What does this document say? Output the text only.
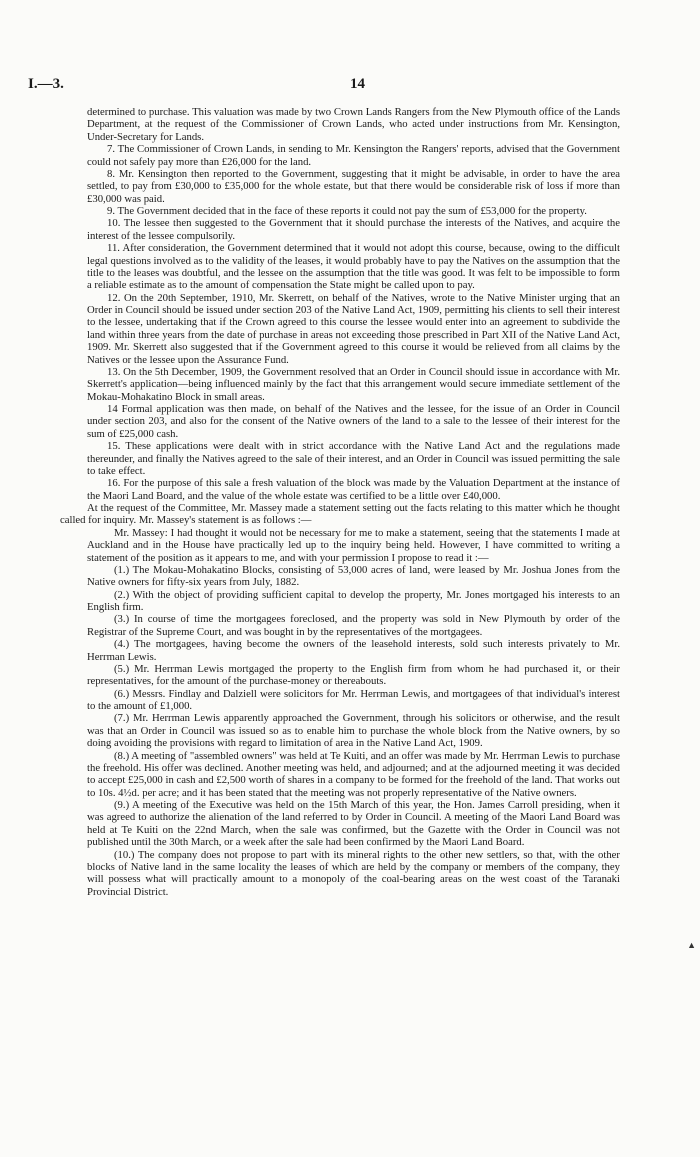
I.—3.	14

determined to purchase. This valuation was made by two Crown Lands Rangers from the New Plymouth office of the Lands Department, at the request of the Commissioner of Crown Lands, who acted under instructions from Mr. Kensington, Under-Secretary for Lands.

7. The Commissioner of Crown Lands, in sending to Mr. Kensington the Rangers' reports, advised that the Government could not safely pay more than £26,000 for the land.

8. Mr. Kensington then reported to the Government, suggesting that it might be advisable, in order to have the area settled, to pay from £30,000 to £35,000 for the whole estate, but that there would be considerable risk of loss if more than £30,000 was paid.

9. The Government decided that in the face of these reports it could not pay the sum of £53,000 for the property.

10. The lessee then suggested to the Government that it should purchase the interests of the Natives, and acquire the interest of the lessee compulsorily.

11. After consideration, the Government determined that it would not adopt this course, because, owing to the difficult legal questions involved as to the validity of the leases, it would probably have to pay the Natives on the assumption that the title to the leases was doubtful, and the lessee on the assumption that the title was good. It was felt to be impossible to form a reliable estimate as to the amount of compensation the State might be called upon to pay.

12. On the 20th September, 1910, Mr. Skerrett, on behalf of the Natives, wrote to the Native Minister urging that an Order in Council should be issued under section 203 of the Native Land Act, 1909, permitting his clients to sell their interest to the lessee, undertaking that if the Crown agreed to this course the lessee would enter into an agreement to subdivide the land within three years from the date of purchase in areas not exceeding those prescribed in Part XII of the Native Land Act, 1909. Mr. Skerrett also suggested that if the Government agreed to this course it would be relieved from all claims by the Natives or the lessee upon the Assurance Fund.

13. On the 5th December, 1909, the Government resolved that an Order in Council should issue in accordance with Mr. Skerrett's application—being influenced mainly by the fact that this arrangement would secure immediate settlement of the Mokau-Mohakatino Block in small areas.

14 Formal application was then made, on behalf of the Natives and the lessee, for the issue of an Order in Council under section 203, and also for the consent of the Native owners of the land to a sale to the lessee of their interest for the sum of £25,000 cash.

15. These applications were dealt with in strict accordance with the Native Land Act and the regulations made thereunder, and finally the Natives agreed to the sale of their interest, and an Order in Council was issued permitting the sale to take effect.

16. For the purpose of this sale a fresh valuation of the block was made by the Valuation Department at the instance of the Maori Land Board, and the value of the whole estate was certified to be a little over £40,000.

At the request of the Committee, Mr. Massey made a statement setting out the facts relating to this matter which he thought called for inquiry. Mr. Massey's statement is as follows :—

Mr. Massey: I had thought it would not be necessary for me to make a statement, seeing that the statements I made at Auckland and in the House have practically led up to the inquiry being held. However, I have committed to writing a statement of the position as it appears to me, and with your permission I propose to read it :—

(1.) The Mokau-Mohakatino Blocks, consisting of 53,000 acres of land, were leased by Mr. Joshua Jones from the Native owners for fifty-six years from July, 1882.

(2.) With the object of providing sufficient capital to develop the property, Mr. Jones mortgaged his interests to an English firm.

(3.) In course of time the mortgagees foreclosed, and the property was sold in New Plymouth by order of the Registrar of the Supreme Court, and was bought in by the representatives of the mortgagees.

(4.) The mortgagees, having become the owners of the leasehold interests, sold such interests privately to Mr. Herrman Lewis.

(5.) Mr. Herrman Lewis mortgaged the property to the English firm from whom he had purchased it, or their representatives, for the amount of the purchase-money or thereabouts.

(6.) Messrs. Findlay and Dalziell were solicitors for Mr. Herrman Lewis, and mortgagees of that individual's interest to the amount of £1,000.

(7.) Mr. Herrman Lewis apparently approached the Government, through his solicitors or otherwise, and the result was that an Order in Council was issued so as to enable him to purchase the whole block from the Native owners, by so doing avoiding the provisions with regard to limitation of area in the Native Land Act, 1909.

(8.) A meeting of "assembled owners" was held at Te Kuiti, and an offer was made by Mr. Herrman Lewis to purchase the freehold. His offer was declined. Another meeting was held, and adjourned; and at the adjourned meeting it was decided to accept £25,000 in cash and £2,500 worth of shares in a company to be formed for the freehold of the land. That works out to 10s. 4½d. per acre; and it has been stated that the meeting was not properly representative of the Native owners.

(9.) A meeting of the Executive was held on the 15th March of this year, the Hon. James Carroll presiding, when it was agreed to authorize the alienation of the land referred to by Order in Council. A meeting of the Maori Land Board was held at Te Kuiti on the 22nd March, when the sale was confirmed, but the Gazette with the Order in Council was not published until the 30th March, or a week after the sale had been confirmed by the Maori Land Board.

(10.) The company does not propose to part with its mineral rights to the other new settlers, so that, with the other blocks of Native land in the same locality the leases of which are held by the company or members of the company, they will possess what will practically amount to a monopoly of the coal-bearing areas on the west coast of the Taranaki Provincial District.

▲
